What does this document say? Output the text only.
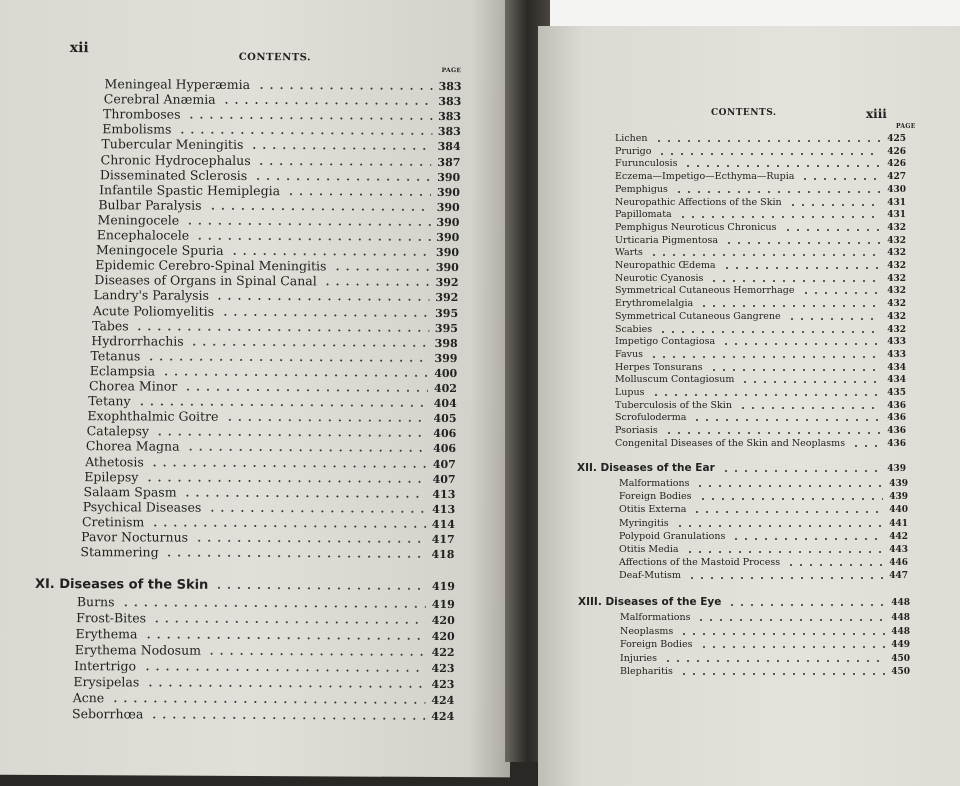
xii
CONTENTS.
PAGE
Meningeal Hyperæmia	383
Cerebral Anæmia	383
Thromboses	383
Embolisms	383
Tubercular Meningitis	384
Chronic Hydrocephalus	387
Disseminated Sclerosis	390
Infantile Spastic Hemiplegia	390
Bulbar Paralysis	390
Meningocele	390
Encephalocele	390
Meningocele Spuria	390
Epidemic Cerebro-Spinal Meningitis	390
Diseases of Organs in Spinal Canal	392
Landry's Paralysis	392
Acute Poliomyelitis	395
Tabes	395
Hydrorrhachis	398
Tetanus	399
Eclampsia	400
Chorea Minor	402
Tetany	404
Exophthalmic Goitre	405
Catalepsy	406
Chorea Magna	406
Athetosis	407
Epilepsy	407
Salaam Spasm	413
Psychical Diseases	413
Cretinism	414
Pavor Nocturnus	417
Stammering	418
XI. Diseases of the Skin	419
Burns	419
Frost-Bites	420
Erythema	420
Erythema Nodosum	422
Intertrigo	423
Erysipelas	423
Acne	424
Seborrhœa	424
CONTENTS.	xiii
PAGE
Lichen	425
Prurigo	426
Furunculosis	426
Eczema—Impetigo—Ecthyma—Rupia	427
Pemphigus	430
Neuropathic Affections of the Skin	431
Papillomata	431
Pemphigus Neuroticus Chronicus	432
Urticaria Pigmentosa	432
Warts	432
Neuropathic Œdema	432
Neurotic Cyanosis	432
Symmetrical Cutaneous Hemorrhage	432
Erythromelalgia	432
Symmetrical Cutaneous Gangrene	432
Scabies	432
Impetigo Contagiosa	433
Favus	433
Herpes Tonsurans	434
Molluscum Contagiosum	434
Lupus	435
Tuberculosis of the Skin	436
Scrofuloderma	436
Psoriasis	436
Congenital Diseases of the Skin and Neoplasms	436
XII. Diseases of the Ear	439
Malformations	439
Foreign Bodies	439
Otitis Externa	440
Myringitis	441
Polypoid Granulations	442
Otitis Media	443
Affections of the Mastoid Process	446
Deaf-Mutism	447
XIII. Diseases of the Eye	448
Malformations	448
Neoplasms	448
Foreign Bodies	449
Injuries	450
Blepharitis	450
